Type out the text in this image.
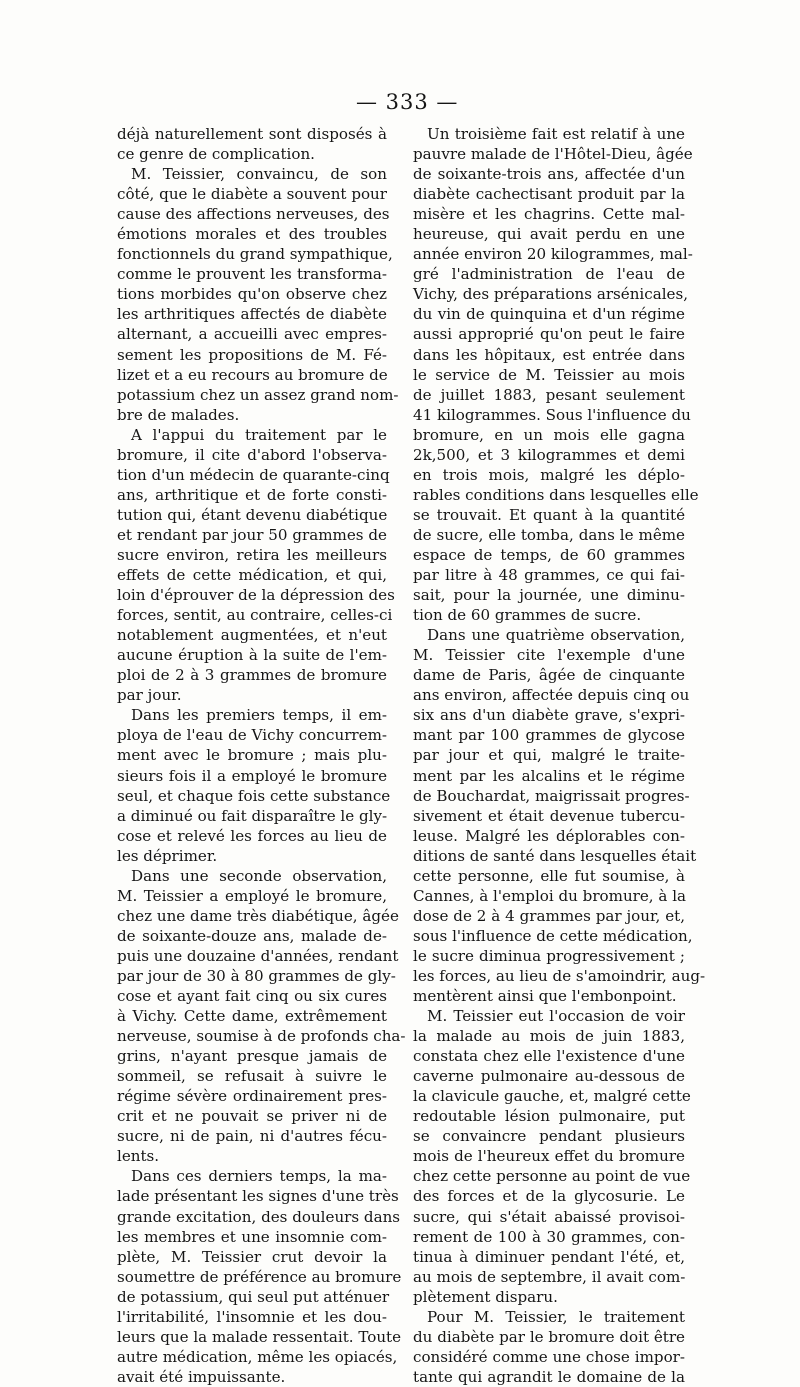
— 333 —
déjà naturellement sont disposés à
ce genre de complication.
M. Teissier, convaincu, de son
côté, que le diabète a souvent pour
cause des affections nerveuses, des
émotions morales et des troubles
fonctionnels du grand sympathique,
comme le prouvent les transforma-
tions morbides qu'on observe chez
les arthritiques affectés de diabète
alternant, a accueilli avec empres-
sement les propositions de M. Fé-
lizet et a eu recours au bromure de
potassium chez un assez grand nom-
bre de malades.
A l'appui du traitement par le
bromure, il cite d'abord l'observa-
tion d'un médecin de quarante-cinq
ans, arthritique et de forte consti-
tution qui, étant devenu diabétique
et rendant par jour 50 grammes de
sucre environ, retira les meilleurs
effets de cette médication, et qui,
loin d'éprouver de la dépression des
forces, sentit, au contraire, celles-ci
notablement augmentées, et n'eut
aucune éruption à la suite de l'em-
ploi de 2 à 3 grammes de bromure
par jour.
Dans les premiers temps, il em-
ploya de l'eau de Vichy concurrem-
ment avec le bromure ; mais plu-
sieurs fois il a employé le bromure
seul, et chaque fois cette substance
a diminué ou fait disparaître le gly-
cose et relevé les forces au lieu de
les déprimer.
Dans une seconde observation,
M. Teissier a employé le bromure,
chez une dame très diabétique, âgée
de soixante-douze ans, malade de-
puis une douzaine d'années, rendant
par jour de 30 à 80 grammes de gly-
cose et ayant fait cinq ou six cures
à Vichy. Cette dame, extrêmement
nerveuse, soumise à de profonds cha-
grins, n'ayant presque jamais de
sommeil, se refusait à suivre le
régime sévère ordinairement pres-
crit et ne pouvait se priver ni de
sucre, ni de pain, ni d'autres fécu-
lents.
Dans ces derniers temps, la ma-
lade présentant les signes d'une très
grande excitation, des douleurs dans
les membres et une insomnie com-
plète, M. Teissier crut devoir la
soumettre de préférence au bromure
de potassium, qui seul put atténuer
l'irritabilité, l'insomnie et les dou-
leurs que la malade ressentait. Toute
autre médication, même les opiacés,
avait été impuissante.
Un troisième fait est relatif à une
pauvre malade de l'Hôtel-Dieu, âgée
de soixante-trois ans, affectée d'un
diabète cachectisant produit par la
misère et les chagrins. Cette mal-
heureuse, qui avait perdu en une
année environ 20 kilogrammes, mal-
gré l'administration de l'eau de
Vichy, des préparations arsénicales,
du vin de quinquina et d'un régime
aussi approprié qu'on peut le faire
dans les hôpitaux, est entrée dans
le service de M. Teissier au mois
de juillet 1883, pesant seulement
41 kilogrammes. Sous l'influence du
bromure, en un mois elle gagna
2k,500, et 3 kilogrammes et demi
en trois mois, malgré les déplo-
rables conditions dans lesquelles elle
se trouvait. Et quant à la quantité
de sucre, elle tomba, dans le même
espace de temps, de 60 grammes
par litre à 48 grammes, ce qui fai-
sait, pour la journée, une diminu-
tion de 60 grammes de sucre.
Dans une quatrième observation,
M. Teissier cite l'exemple d'une
dame de Paris, âgée de cinquante
ans environ, affectée depuis cinq ou
six ans d'un diabète grave, s'expri-
mant par 100 grammes de glycose
par jour et qui, malgré le traite-
ment par les alcalins et le régime
de Bouchardat, maigrissait progres-
sivement et était devenue tubercu-
leuse. Malgré les déplorables con-
ditions de santé dans lesquelles était
cette personne, elle fut soumise, à
Cannes, à l'emploi du bromure, à la
dose de 2 à 4 grammes par jour, et,
sous l'influence de cette médication,
le sucre diminua progressivement ;
les forces, au lieu de s'amoindrir, aug-
mentèrent ainsi que l'embonpoint.
M. Teissier eut l'occasion de voir
la malade au mois de juin 1883,
constata chez elle l'existence d'une
caverne pulmonaire au-dessous de
la clavicule gauche, et, malgré cette
redoutable lésion pulmonaire, put
se convaincre pendant plusieurs
mois de l'heureux effet du bromure
chez cette personne au point de vue
des forces et de la glycosurie. Le
sucre, qui s'était abaissé provisoi-
rement de 100 à 30 grammes, con-
tinua à diminuer pendant l'été, et,
au mois de septembre, il avait com-
plètement disparu.
Pour M. Teissier, le traitement
du diabète par le bromure doit être
considéré comme une chose impor-
tante qui agrandit le domaine de la
